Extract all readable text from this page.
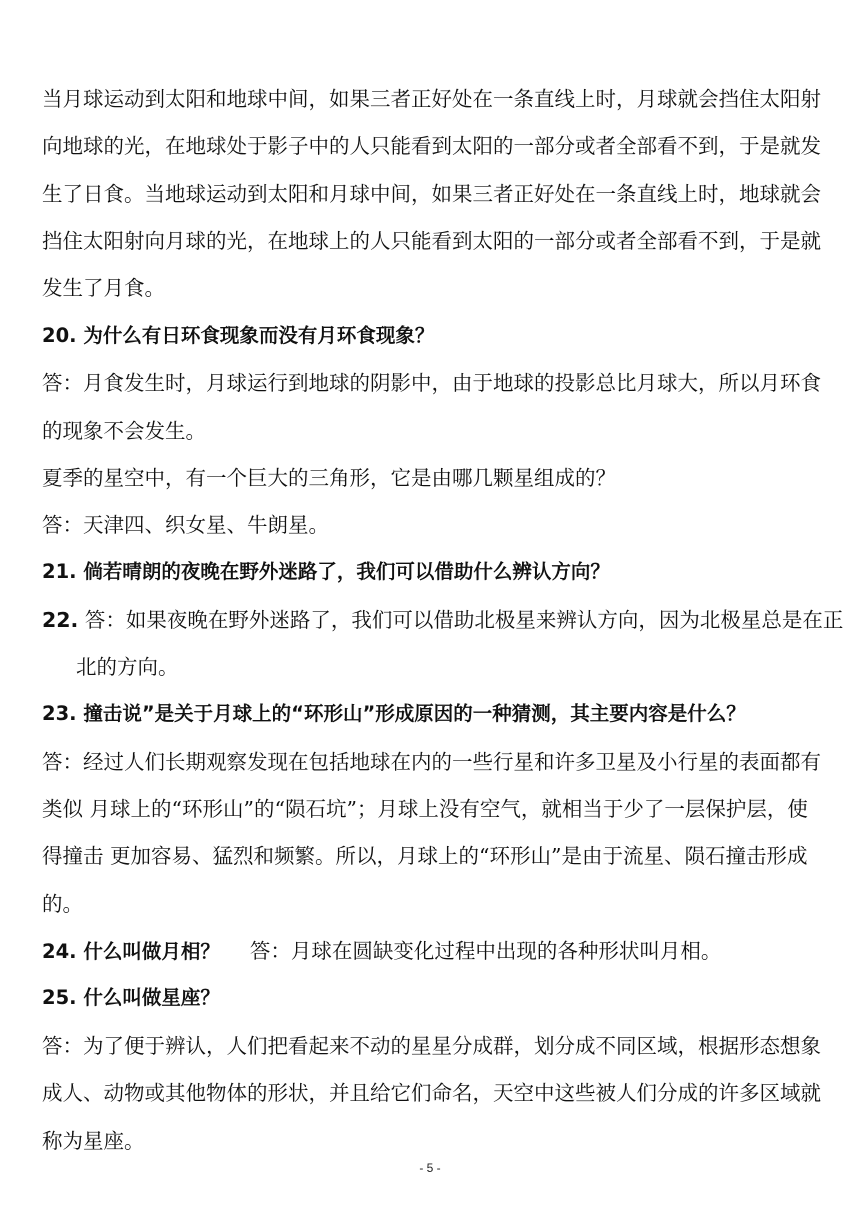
当月球运动到太阳和地球中间，如果三者正好处在一条直线上时，月球就会挡住太阳射
向地球的光，在地球处于影子中的人只能看到太阳的一部分或者全部看不到，于是就发
生了日食。当地球运动到太阳和月球中间，如果三者正好处在一条直线上时，地球就会
挡住太阳射向月球的光，在地球上的人只能看到太阳的一部分或者全部看不到，于是就
发生了月食。
20. 为什么有日环食现象而没有月环食现象？
答：月食发生时，月球运行到地球的阴影中，由于地球的投影总比月球大，所以月环食
的现象不会发生。
夏季的星空中，有一个巨大的三角形，它是由哪几颗星组成的？
答：天津四、织女星、牛朗星。
21. 倘若晴朗的夜晚在野外迷路了，我们可以借助什么辨认方向？
22. 答：如果夜晚在野外迷路了，我们可以借助北极星来辨认方向，因为北极星总是在正
北的方向。
23. 撞击说”是关于月球上的“环形山”形成原因的一种猜测，其主要内容是什么？
答：经过人们长期观察发现在包括地球在内的一些行星和许多卫星及小行星的表面都有
类似 月球上的“环形山”的“陨石坑”；月球上没有空气，就相当于少了一层保护层，使
得撞击 更加容易、猛烈和频繁。所以，月球上的“环形山”是由于流星、陨石撞击形成
的。
24. 什么叫做月相？ 答：月球在圆缺变化过程中出现的各种形状叫月相。
25. 什么叫做星座？
答：为了便于辨认，人们把看起来不动的星星分成群，划分成不同区域，根据形态想象
成人、动物或其他物体的形状，并且给它们命名，天空中这些被人们分成的许多区域就
称为星座。
- 5 -
